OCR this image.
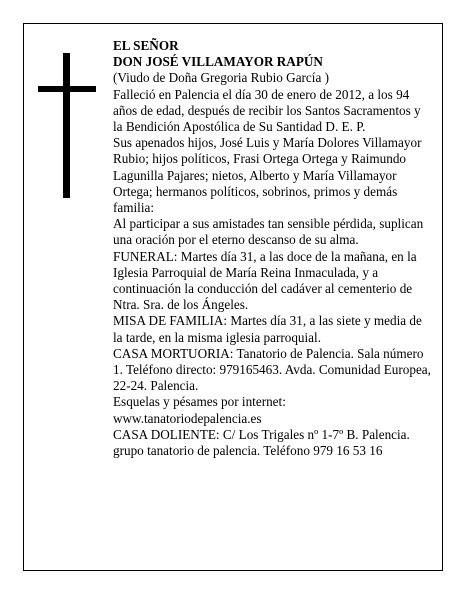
EL SEÑOR

DON JOSÉ VILLAMAYOR RAPÚN

(Viudo de Doña Gregoria Rubio García )

Falleció en Palencia el día 30 de enero de 2012, a los 94 años de edad, después de recibir los Santos Sacramentos y la Bendición Apostólica de Su Santidad D. E. P.

Sus apenados hijos, José Luis y María Dolores Villamayor Rubio; hijos políticos, Frasi Ortega Ortega y Raimundo Lagunilla Pajares; nietos, Alberto y María Villamayor Ortega; hermanos políticos, sobrinos, primos y demás familia:

Al participar a sus amistades tan sensible pérdida, suplican una oración por el eterno descanso de su alma.

FUNERAL: Martes día 31, a las doce de la mañana, en la Iglesia Parroquial de María Reina Inmaculada, y a continuación la conducción del cadáver al cementerio de Ntra. Sra. de los Ángeles.

MISA DE FAMILIA: Martes día 31, a las siete y media de la tarde, en la misma iglesia parroquial.

CASA MORTUORIA: Tanatorio de Palencia. Sala número 1. Teléfono directo: 979165463. Avda. Comunidad Europea, 22-24. Palencia.

Esquelas y pésames por internet:

www.tanatoriodepalencia.es

CASA DOLIENTE: C/ Los Trigales nº 1-7º B. Palencia.

grupo tanatorio de palencia. Teléfono 979 16 53 16
